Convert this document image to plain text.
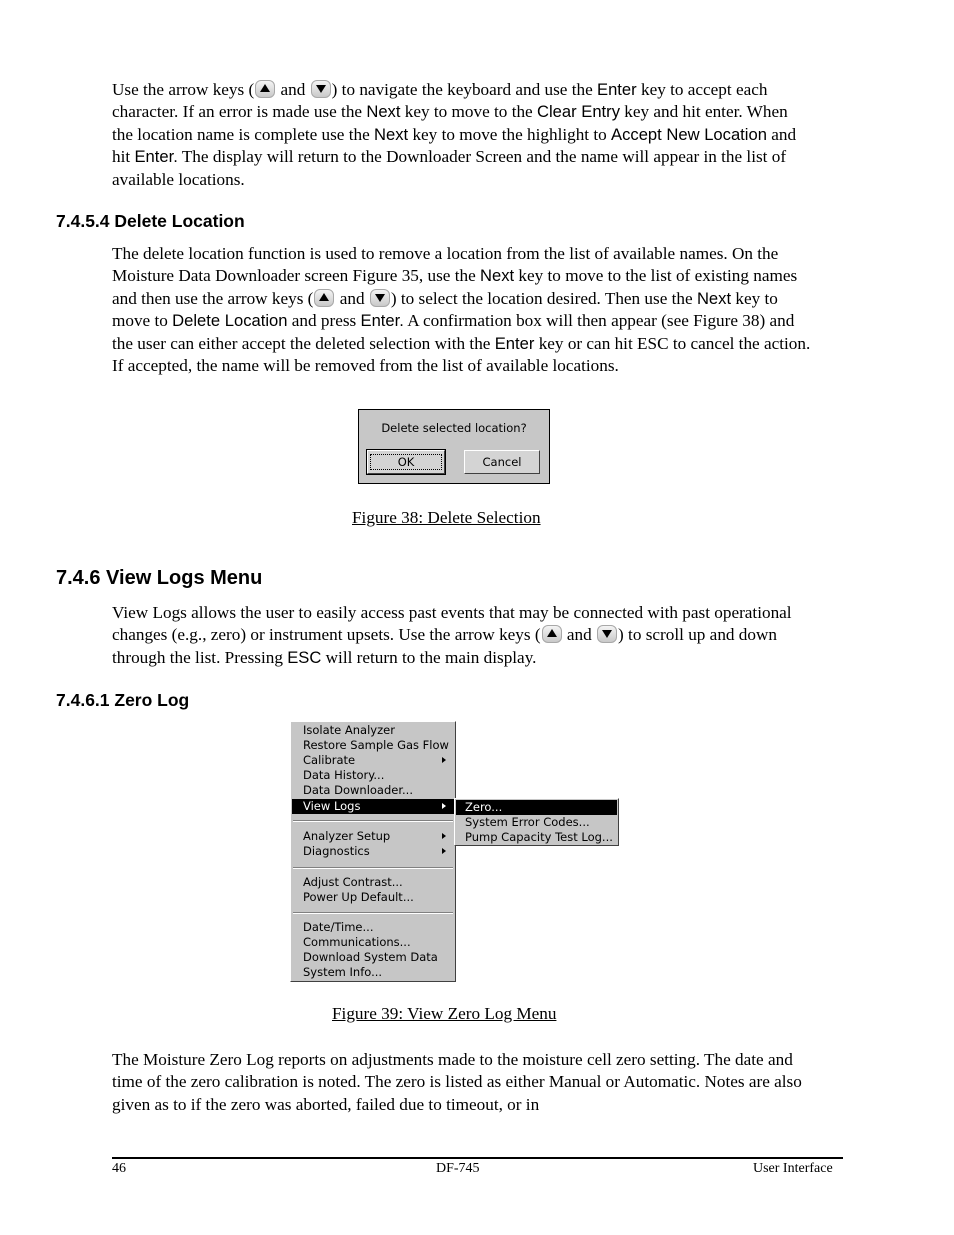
Use the arrow keys ( and ) to navigate the keyboard and use the Enter key to accept each character. If an error is made use the Next key to move to the Clear Entry key and hit enter. When the location name is complete use the Next key to move the highlight to Accept New Location and hit Enter. The display will return to the Downloader Screen and the name will appear in the list of available locations.

7.4.5.4 Delete Location

The delete location function is used to remove a location from the list of available names. On the Moisture Data Downloader screen Figure 35, use the Next key to move to the list of existing names and then use the arrow keys ( and ) to select the location desired. Then use the Next key to move to Delete Location and press Enter. A confirmation box will then appear (see Figure 38) and the user can either accept the deleted selection with the Enter key or can hit ESC to cancel the action. If accepted, the name will be removed from the list of available locations.

Delete selected location?
OK	Cancel

Figure 38: Delete Selection

7.4.6 View Logs Menu

View Logs allows the user to easily access past events that may be connected with past operational changes (e.g., zero) or instrument upsets. Use the arrow keys ( and ) to scroll up and down through the list. Pressing ESC will return to the main display.

7.4.6.1 Zero Log
Isolate Analyzer
Restore Sample Gas Flow
Calibrate
Data History...
Data Downloader...
View Logs
Analyzer Setup
Diagnostics
Adjust Contrast...
Power Up Default...
Date/Time...
Communications...
Download System Data
System Info...
Zero...
System Error Codes...
Pump Capacity Test Log...

Figure 39: View Zero Log Menu

The Moisture Zero Log reports on adjustments made to the moisture cell zero setting. The date and time of the zero calibration is noted. The zero is listed as either Manual or Automatic. Notes are also given as to if the zero was aborted, failed due to timeout, or in

46	DF-745	User Interface
